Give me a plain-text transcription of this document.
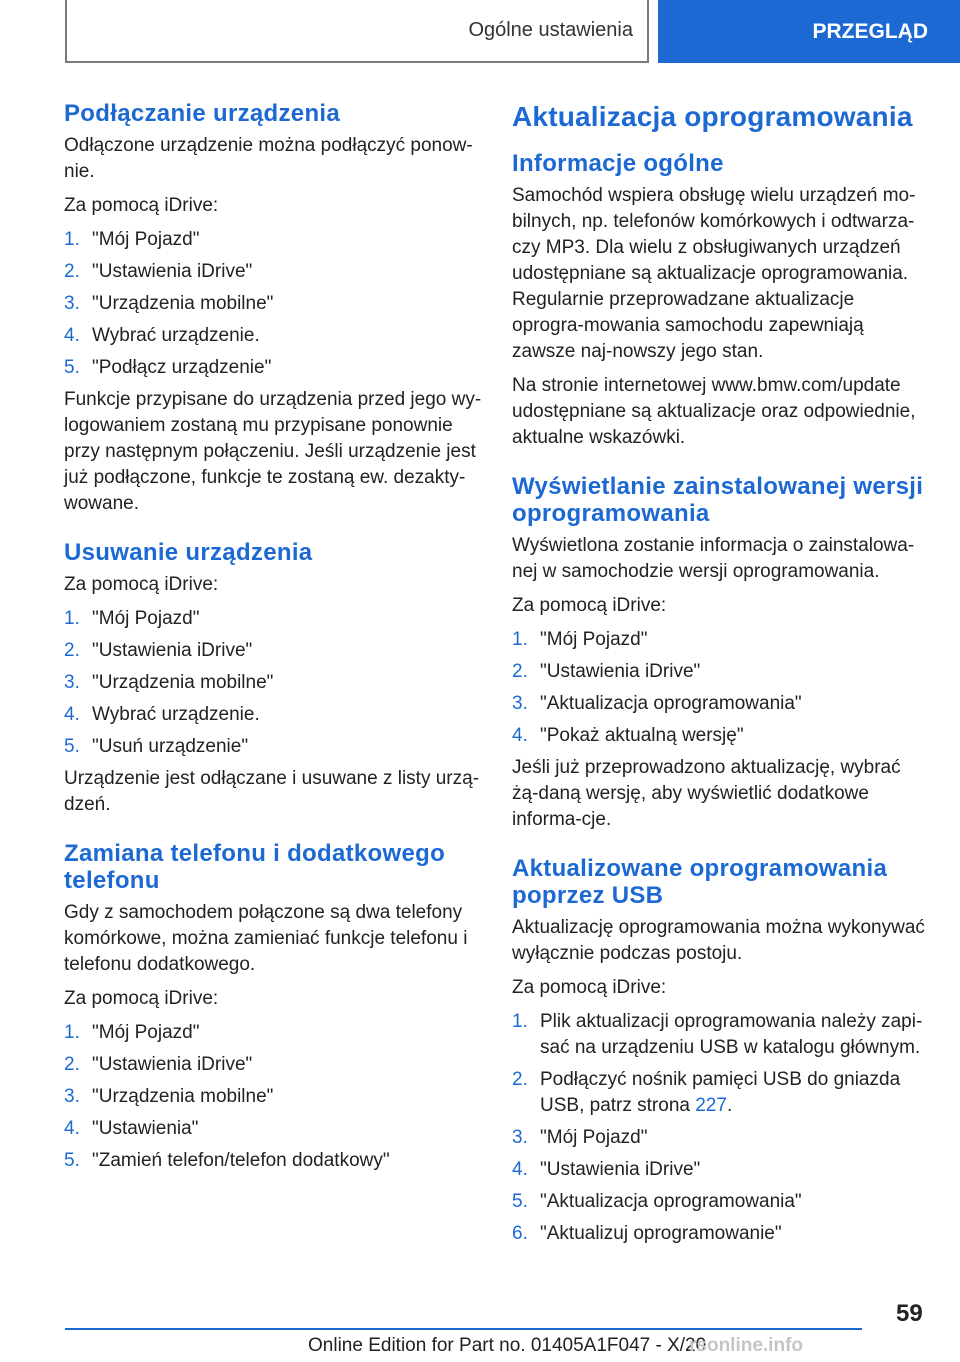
Ogólne ustawienia	PRZEGLĄD
Podłączanie urządzenia

Odłączone urządzenie można podłączyć ponow-nie.

Za pomocą iDrive:

1. "Mój Pojazd"
2. "Ustawienia iDrive"
3. "Urządzenia mobilne"
4. Wybrać urządzenie.
5. "Podłącz urządzenie"

Funkcje przypisane do urządzenia przed jego wy-logowaniem zostaną mu przypisane ponownie przy następnym połączeniu. Jeśli urządzenie jest już podłączone, funkcje te zostaną ew. dezakty-wowane.

Usuwanie urządzenia

Za pomocą iDrive:

1. "Mój Pojazd"
2. "Ustawienia iDrive"
3. "Urządzenia mobilne"
4. Wybrać urządzenie.
5. "Usuń urządzenie"

Urządzenie jest odłączane i usuwane z listy urzą-dzeń.

Zamiana telefonu i dodatkowego telefonu

Gdy z samochodem połączone są dwa telefony komórkowe, można zamieniać funkcje telefonu i telefonu dodatkowego.

Za pomocą iDrive:

1. "Mój Pojazd"
2. "Ustawienia iDrive"
3. "Urządzenia mobilne"
4. "Ustawienia"
5. "Zamień telefon/telefon dodatkowy"
Aktualizacja oprogramowania
Informacje ogólne

Samochód wspiera obsługę wielu urządzeń mo-bilnych, np. telefonów komórkowych i odtwarza-czy MP3. Dla wielu z obsługiwanych urządzeń udostępniane są aktualizacje oprogramowania. Regularnie przeprowadzane aktualizacje oprogra-mowania samochodu zapewniają zawsze naj-nowszy jego stan.

Na stronie internetowej www.bmw.com/update udostępniane są aktualizacje oraz odpowiednie, aktualne wskazówki.

Wyświetlanie zainstalowanej wersji oprogramowania

Wyświetlona zostanie informacja o zainstalowa-nej w samochodzie wersji oprogramowania.

Za pomocą iDrive:

1. "Mój Pojazd"
2. "Ustawienia iDrive"
3. "Aktualizacja oprogramowania"
4. "Pokaż aktualną wersję"

Jeśli już przeprowadzono aktualizację, wybrać żą-daną wersję, aby wyświetlić dodatkowe informa-cje.

Aktualizowane oprogramowania poprzez USB

Aktualizację oprogramowania można wykonywać wyłącznie podczas postoju.

Za pomocą iDrive:

1. Plik aktualizacji oprogramowania należy zapi-sać na urządzeniu USB w katalogu głównym.
2. Podłączyć nośnik pamięci USB do gniazda USB, patrz strona 227.
3. "Mój Pojazd"
4. "Ustawienia iDrive"
5. "Aktualizacja oprogramowania"
6. "Aktualizuj oprogramowanie"
59
Online Edition for Part no. 01405A1F047 - X/20
rsonline.info
